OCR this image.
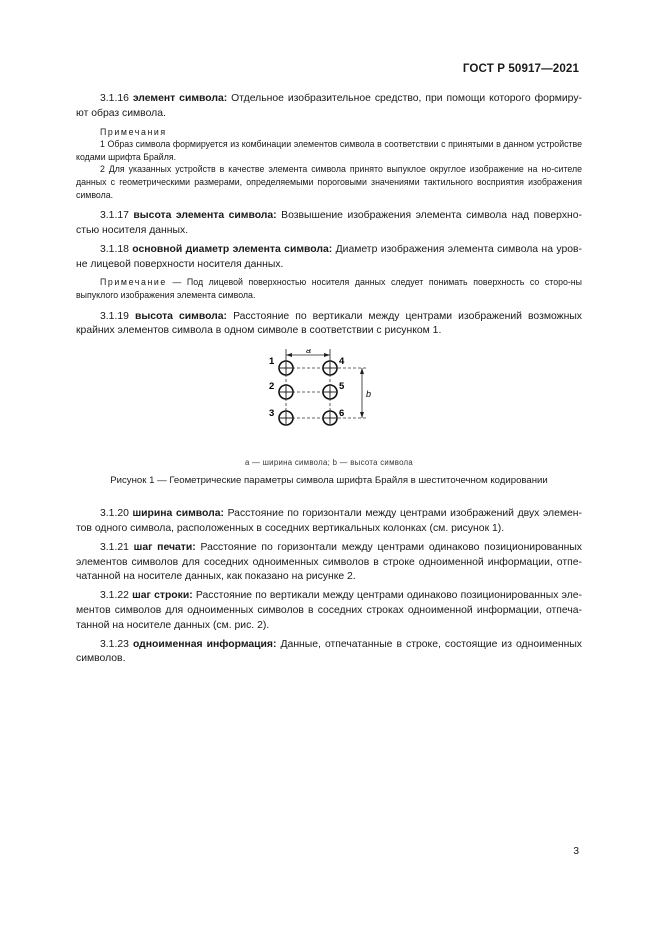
ГОСТ Р 50917—2021

3.1.16 элемент символа: Отдельное изобразительное средство, при помощи которого формиру-ют образ символа.

Примечания

1 Образ символа формируется из комбинации элементов символа в соответствии с принятыми в данном устройстве кодами шрифта Брайля.

2 Для указанных устройств в качестве элемента символа принято выпуклое округлое изображение на но-сителе данных с геометрическими размерами, определяемыми пороговыми значениями тактильного восприятия изображения символа.

3.1.17 высота элемента символа: Возвышение изображения элемента символа над поверхно-стью носителя данных.

3.1.18 основной диаметр элемента символа: Диаметр изображения элемента символа на уров-не лицевой поверхности носителя данных.

Примечание — Под лицевой поверхностью носителя данных следует понимать поверхность со сторо-ны выпуклого изображения элемента символа.

3.1.19 высота символа: Расстояние по вертикали между центрами изображений возможных крайних элементов символа в одном символе в соответствии с рисунком 1.

a
b
1
2
3
4
5
6

а — ширина символа; b — высота символа

Рисунок 1 — Геометрические параметры символа шрифта Брайля в шеститочечном кодировании

3.1.20 ширина символа: Расстояние по горизонтали между центрами изображений двух элемен-тов одного символа, расположенных в соседних вертикальных колонках (см. рисунок 1).

3.1.21 шаг печати: Расстояние по горизонтали между центрами одинаково позиционированных элементов символов для соседних одноименных символов в строке одноименной информации, отпе-чатанной на носителе данных, как показано на рисунке 2.

3.1.22 шаг строки: Расстояние по вертикали между центрами одинаково позиционированных эле-ментов символов для одноименных символов в соседних строках одноименной информации, отпеча-танной на носителе данных (см. рис. 2).

3.1.23 одноименная информация: Данные, отпечатанные в строке, состоящие из одноименных символов.

3
